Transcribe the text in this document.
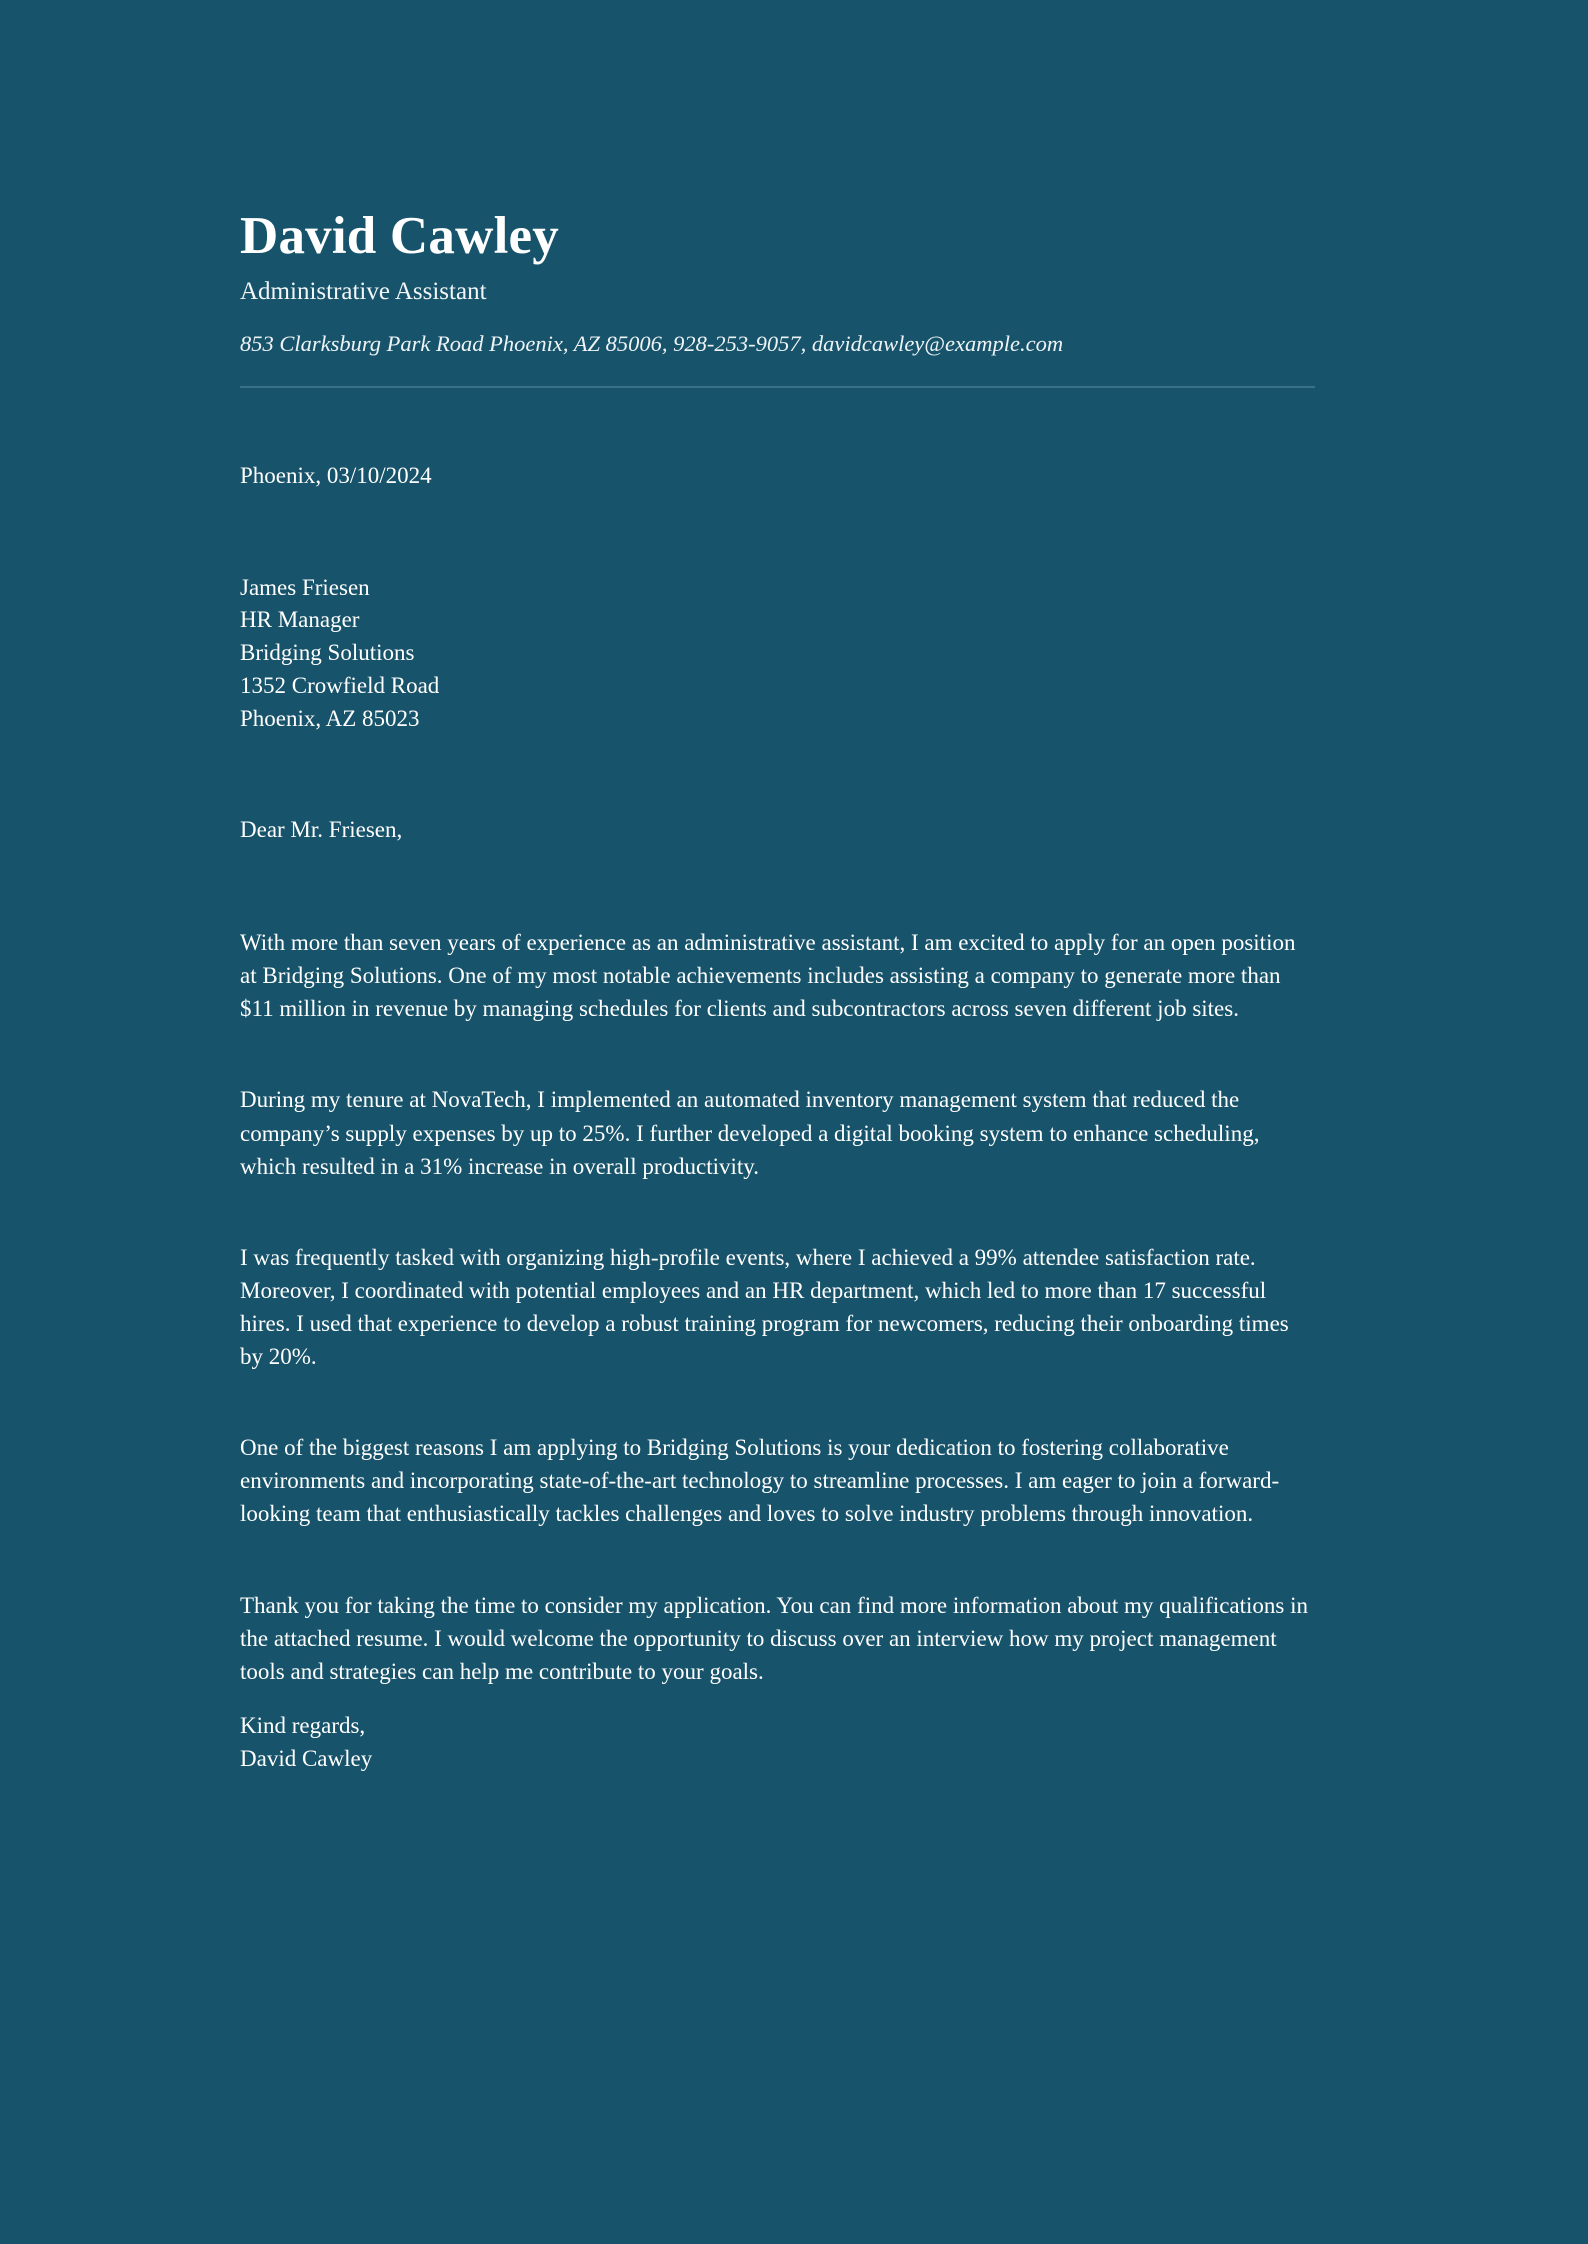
David Cawley
Administrative Assistant
853 Clarksburg Park Road Phoenix, AZ 85006, 928-253-9057, davidcawley@example.com
Phoenix, 03/10/2024
James Friesen
HR Manager
Bridging Solutions
1352 Crowfield Road
Phoenix, AZ 85023
Dear Mr. Friesen,

With more than seven years of experience as an administrative assistant, I am excited to apply for an open position at Bridging Solutions. One of my most notable achievements includes assisting a company to generate more than $11 million in revenue by managing schedules for clients and subcontractors across seven different job sites.

During my tenure at NovaTech, I implemented an automated inventory management system that reduced the company’s supply expenses by up to 25%. I further developed a digital booking system to enhance scheduling, which resulted in a 31% increase in overall productivity.

I was frequently tasked with organizing high-profile events, where I achieved a 99% attendee satisfaction rate. Moreover, I coordinated with potential employees and an HR department, which led to more than 17 successful hires. I used that experience to develop a robust training program for newcomers, reducing their onboarding times by 20%.

One of the biggest reasons I am applying to Bridging Solutions is your dedication to fostering collaborative environments and incorporating state-of-the-art technology to streamline processes. I am eager to join a forward-looking team that enthusiastically tackles challenges and loves to solve industry problems through innovation.

Thank you for taking the time to consider my application. You can find more information about my qualifications in the attached resume. I would welcome the opportunity to discuss over an interview how my project management tools and strategies can help me contribute to your goals.

Kind regards,
David Cawley
